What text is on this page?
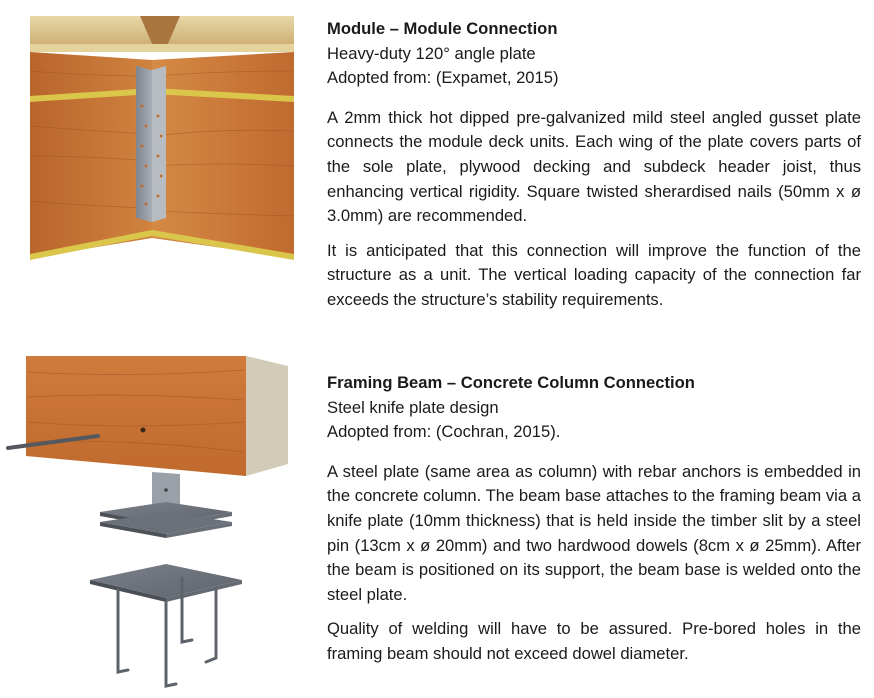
Module – Module Connection

Heavy-duty 120° angle plate

Adopted from: (Expamet, 2015)

A 2mm thick hot dipped pre-galvanized mild steel angled gusset plate connects the module deck units. Each wing of the plate covers parts of the sole plate, plywood decking and subdeck header joist, thus enhancing vertical rigidity. Square twisted sherardised nails (50mm x ø 3.0mm) are recommended.

It is anticipated that this connection will improve the function of the structure as a unit. The vertical loading capacity of the connection far exceeds the structure’s stability requirements.

Framing Beam – Concrete Column Connection

Steel knife plate design

Adopted from: (Cochran, 2015).

A steel plate (same area as column) with rebar anchors is embedded in the concrete column. The beam base attaches to the framing beam via a knife plate (10mm thickness) that is held inside the timber slit by a steel pin (13cm x ø 20mm) and two hardwood dowels (8cm x ø 25mm). After the beam is positioned on its support, the beam base is welded onto the steel plate.

Quality of welding will have to be assured. Pre-bored holes in the framing beam should not exceed dowel diameter.
